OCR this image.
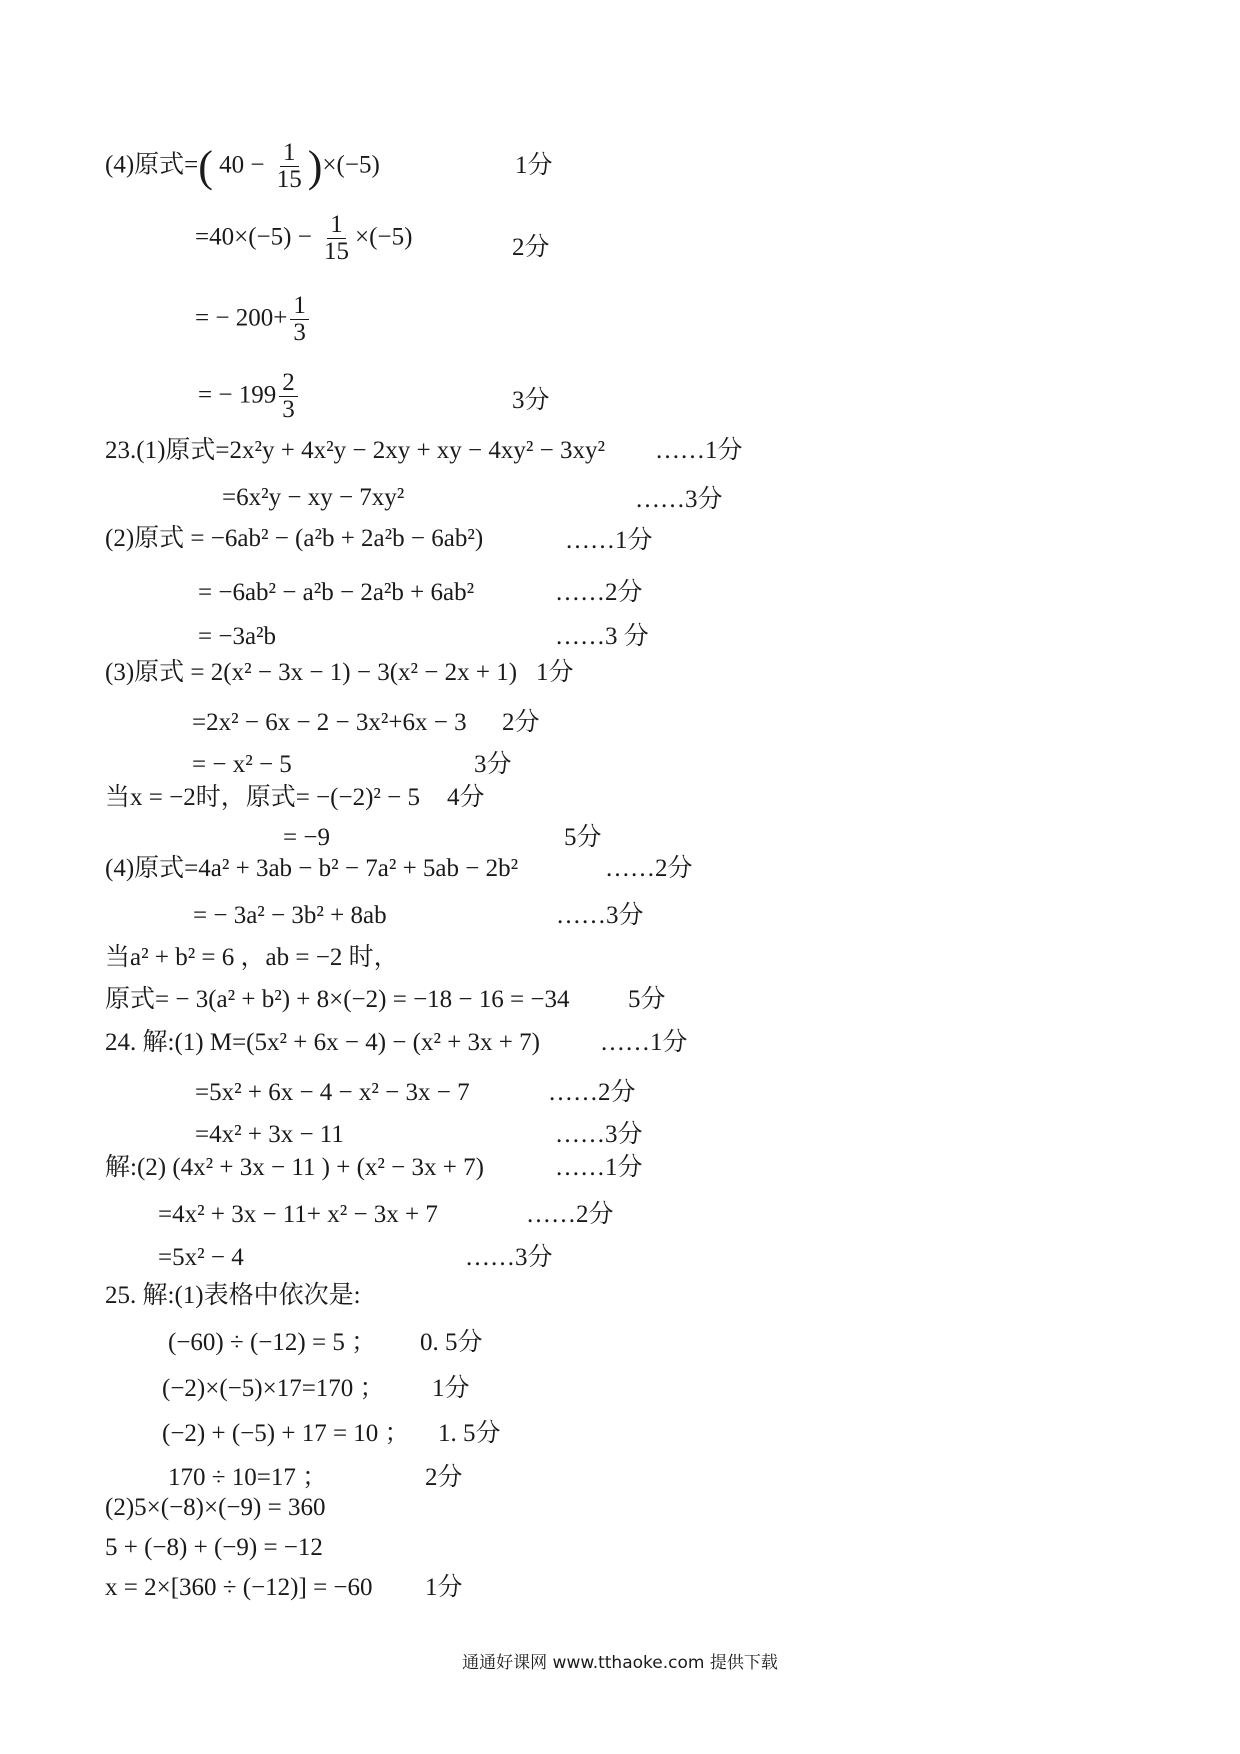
(4)原式=( $40 - \frac{1}{15} )\times(-5)$	1分
$=40\times(-5) - \frac{1}{15} \times(-5)$	2分
= − $200+ \frac{1}{3}$
= − $199 \frac{2}{3}$	3分
23.(1)原式=2x²y + 4x²y − 2xy + xy − 4xy² − 3xy² ……1分
=6x²y − xy − 7xy²	……3分
(2)原式 = −6ab² − (a²b + 2a²b − 6ab²)	……1分
= −6ab² − a²b − 2a²b + 6ab²	……2分
= −3a²b	……3 分
(3)原式 = 2(x² − 3x − 1) − 3(x² − 2x + 1) 1分
=2x² − 6x − 2 − 3x²+6x − 3 2分
= − x² − 5	3分
当x = −2时，原式= −(−2)² − 5 4分
= −9	5分
(4)原式=4a² + 3ab − b² − 7a² + 5ab − 2b²	……2分
= − 3a² − 3b² + 8ab	……3分
当a² + b² = 6 ，ab = −2 时，
原式= − 3(a² + b²) + 8×(−2) = −18 − 16 = −34 5分
24. 解:(1) M=(5x² + 6x − 4) − (x² + 3x + 7) ……1分
=5x² + 6x − 4 − x² − 3x − 7	……2分
=4x² + 3x − 11	……3分
解:(2) (4x² + 3x − 11 ) + (x² − 3x + 7)	……1分
=4x² + 3x − 11+ x² − 3x + 7	……2分
=5x² − 4	……3分
25. 解:(1)表格中依次是:
(−60) ÷ (−12) = 5 ； 0. 5分
(−2)×(−5)×17=170 ； 1分
(−2) + (−5) + 17 = 10 ； 1. 5分
170 ÷ 10=17 ；	2分
(2)5×(−8)×(−9) = 360
5 + (−8) + (−9) = −12
x = 2×[360 ÷ (−12)] = −60 1分
通通好课网 www.tthaoke.com 提供下载
